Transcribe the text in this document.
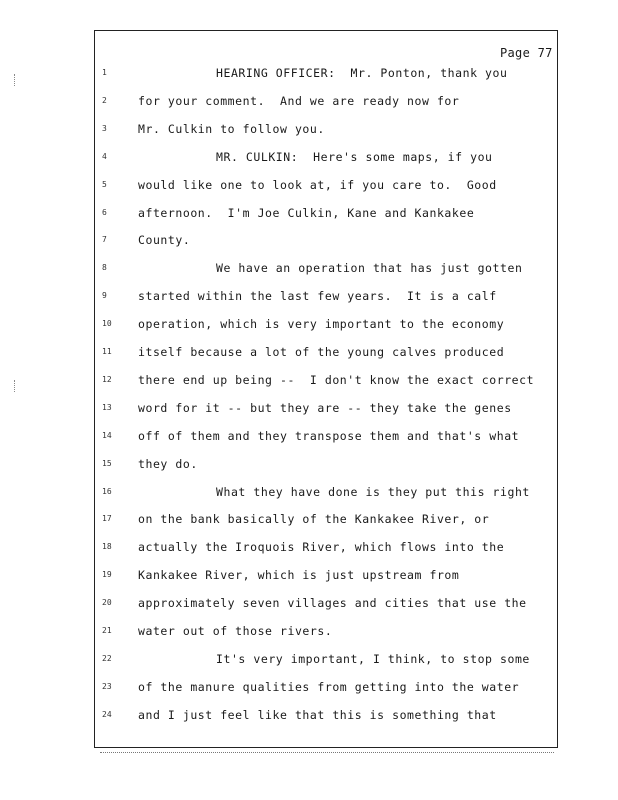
Page 77
1	HEARING OFFICER:  Mr. Ponton, thank you
2	for your comment.  And we are ready now for
3	Mr. Culkin to follow you.
4	MR. CULKIN:  Here's some maps, if you
5	would like one to look at, if you care to.  Good
6	afternoon.  I'm Joe Culkin, Kane and Kankakee
7	County.
8	We have an operation that has just gotten
9	started within the last few years.  It is a calf
10 operation, which is very important to the economy
11 itself because a lot of the young calves produced
12 there end up being --  I don't know the exact correct
13 word for it -- but they are -- they take the genes
14 off of them and they transpose them and that's what
15 they do.
16	What they have done is they put this right
17 on the bank basically of the Kankakee River, or
18 actually the Iroquois River, which flows into the
19 Kankakee River, which is just upstream from
20 approximately seven villages and cities that use the
21 water out of those rivers.
22	It's very important, I think, to stop some
23 of the manure qualities from getting into the water
24 and I just feel like that this is something that
